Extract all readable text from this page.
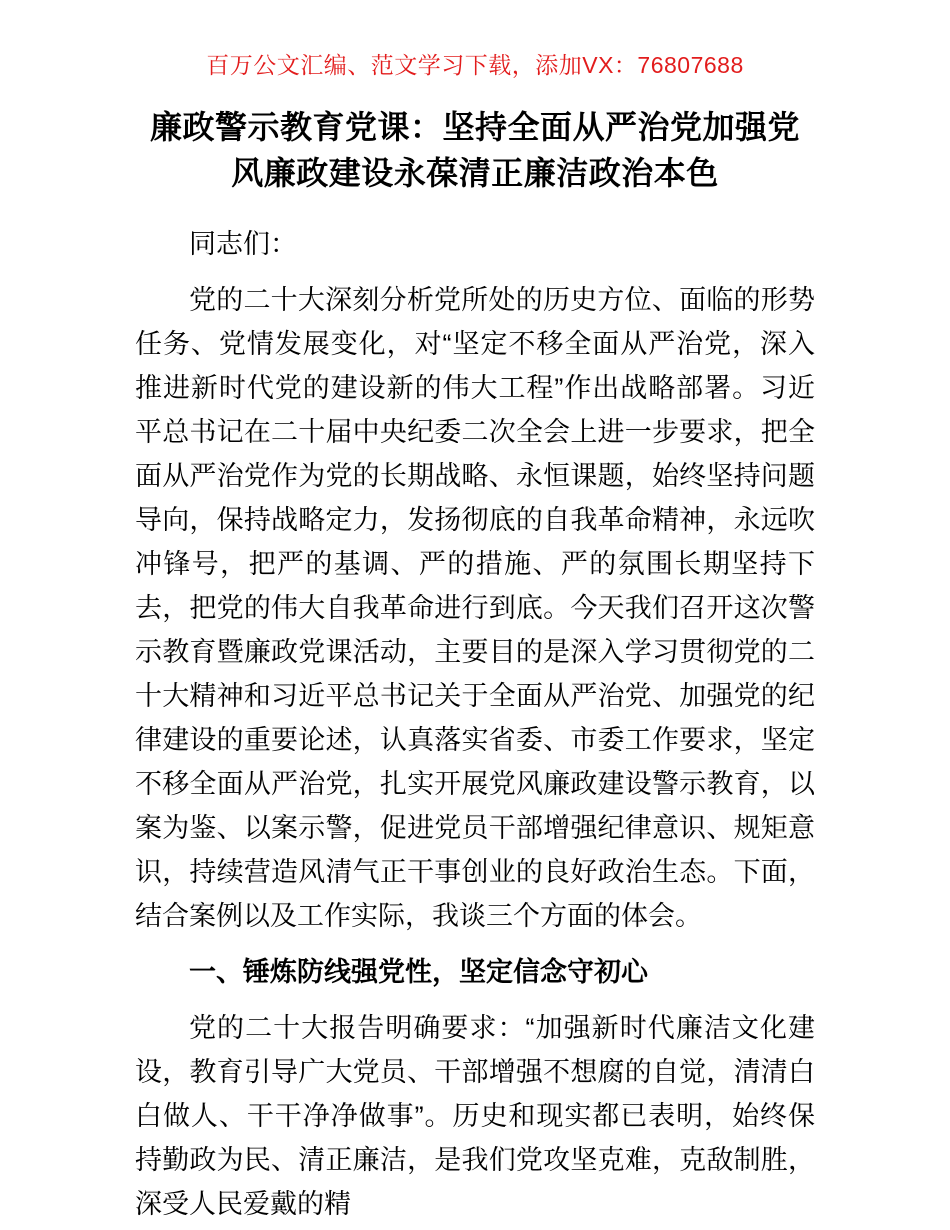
百万公文汇编、范文学习下载，添加VX：76807688
廉政警示教育党课：坚持全面从严治党加强党风廉政建设永葆清正廉洁政治本色

同志们：

党的二十大深刻分析党所处的历史方位、面临的形势任务、党情发展变化，对“坚定不移全面从严治党，深入推进新时代党的建设新的伟大工程”作出战略部署。习近平总书记在二十届中央纪委二次全会上进一步要求，把全面从严治党作为党的长期战略、永恒课题，始终坚持问题导向，保持战略定力，发扬彻底的自我革命精神，永远吹冲锋号，把严的基调、严的措施、严的氛围长期坚持下去，把党的伟大自我革命进行到底。今天我们召开这次警示教育暨廉政党课活动，主要目的是深入学习贯彻党的二十大精神和习近平总书记关于全面从严治党、加强党的纪律建设的重要论述，认真落实省委、市委工作要求，坚定不移全面从严治党，扎实开展党风廉政建设警示教育，以案为鉴、以案示警，促进党员干部增强纪律意识、规矩意识，持续营造风清气正干事创业的良好政治生态。下面，结合案例以及工作实际，我谈三个方面的体会。

一、锤炼防线强党性，坚定信念守初心

党的二十大报告明确要求：“加强新时代廉洁文化建设，教育引导广大党员、干部增强不想腐的自觉，清清白白做人、干干净净做事”。历史和现实都已表明，始终保持勤政为民、清正廉洁，是我们党攻坚克难，克敌制胜，深受人民爱戴的精
